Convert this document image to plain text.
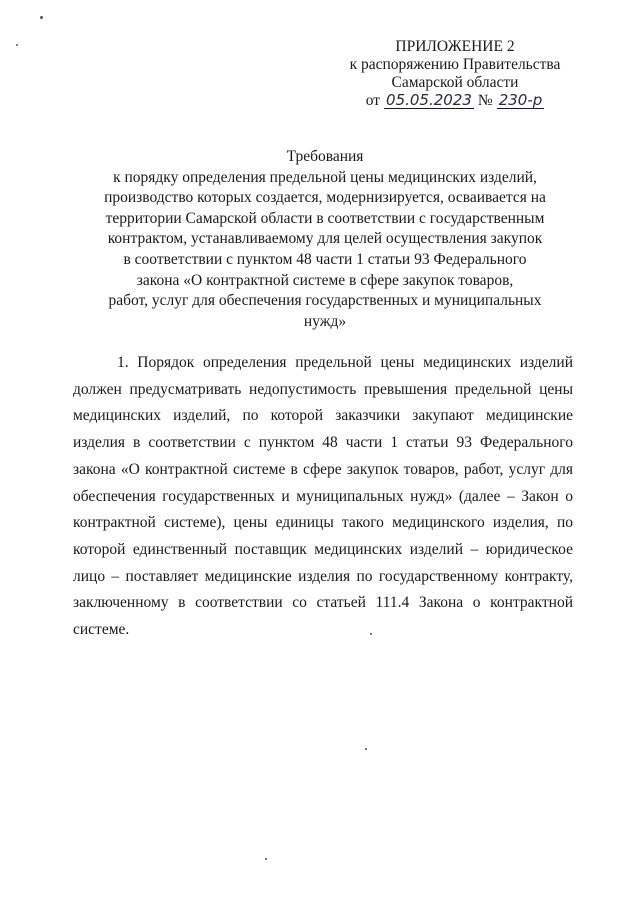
ПРИЛОЖЕНИЕ 2
к распоряжению Правительства
Самарской области
от 05.05.2023 № 230-р
Требования
к порядку определения предельной цены медицинских изделий,
производство которых создается, модернизируется, осваивается на
территории Самарской области в соответствии с государственным
контрактом, устанавливаемому для целей осуществления закупок
в соответствии с пунктом 48 части 1 статьи 93 Федерального
закона «О контрактной системе в сфере закупок товаров,
работ, услуг для обеспечения государственных и муниципальных
нужд»

1. Порядок определения предельной цены медицинских изделий должен предусматривать недопустимость превышения предельной цены медицинских изделий, по которой заказчики закупают медицинские изделия в соответствии с пунктом 48 части 1 статьи 93 Федерального закона «О контрактной системе в сфере закупок товаров, работ, услуг для обеспечения государственных и муниципальных нужд» (далее – Закон о контрактной системе), цены единицы такого медицинского изделия, по которой единственный поставщик медицинских изделий – юридическое лицо – поставляет медицинские изделия по государственному контракту, заключенному в соответствии со статьей 111.4 Закона о контрактной системе.
